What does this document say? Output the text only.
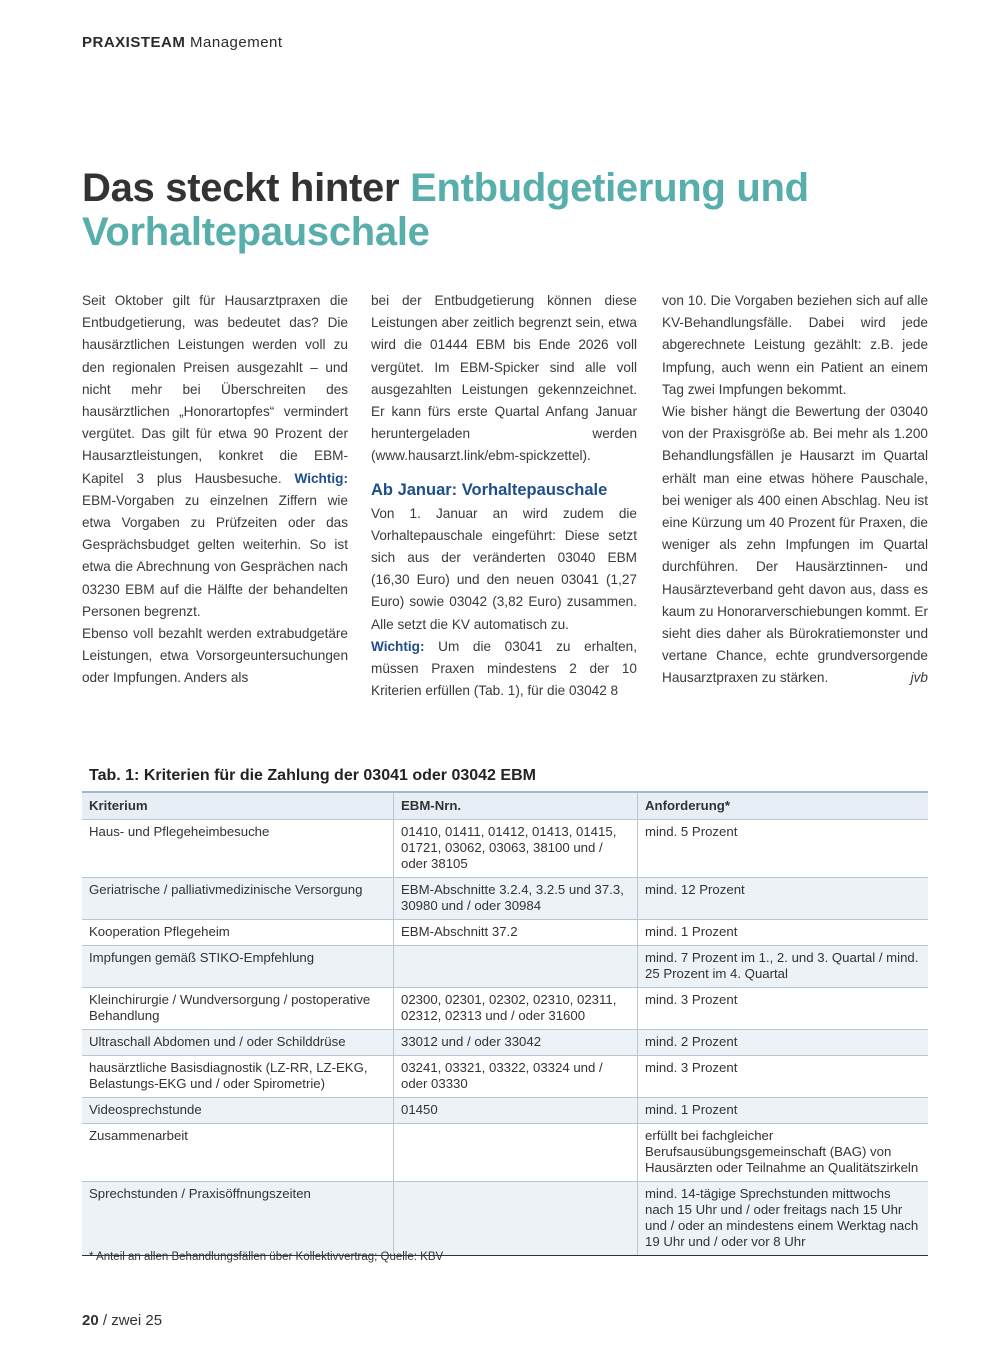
PRAXISTEAM Management
Das steckt hinter Entbudgetierung und Vorhaltepauschale

Seit Oktober gilt für Hausarztpraxen die Entbudgetierung, was bedeutet das? Die hausärztlichen Leistungen werden voll zu den regionalen Preisen ausgezahlt – und nicht mehr bei Überschreiten des hausärztlichen „Honorartopfes“ vermindert vergütet. Das gilt für etwa 90 Prozent der Hausarztleistungen, konkret die EBM-Kapitel 3 plus Hausbesuche. Wichtig: EBM-Vorgaben zu einzelnen Ziffern wie etwa Vorgaben zu Prüfzeiten oder das Gesprächsbudget gelten weiterhin. So ist etwa die Abrechnung von Gesprächen nach 03230 EBM auf die Hälfte der behandelten Personen begrenzt.

Ebenso voll bezahlt werden extrabudgetäre Leistungen, etwa Vorsorgeuntersuchungen oder Impfungen. Anders als

bei der Entbudgetierung können diese Leistungen aber zeitlich begrenzt sein, etwa wird die 01444 EBM bis Ende 2026 voll vergütet. Im EBM-Spicker sind alle voll ausgezahlten Leistungen gekennzeichnet. Er kann fürs erste Quartal Anfang Januar heruntergeladen werden (www.hausarzt.link/ebm-spickzettel).

Ab Januar: Vorhaltepauschale

Von 1. Januar an wird zudem die Vorhaltepauschale eingeführt: Diese setzt sich aus der veränderten 03040 EBM (16,30 Euro) und den neuen 03041 (1,27 Euro) sowie 03042 (3,82 Euro) zusammen. Alle setzt die KV automatisch zu.

Wichtig: Um die 03041 zu erhalten, müssen Praxen mindestens 2 der 10 Kriterien erfüllen (Tab. 1), für die 03042 8

von 10. Die Vorgaben beziehen sich auf alle KV-Behandlungsfälle. Dabei wird jede abgerechnete Leistung gezählt: z.B. jede Impfung, auch wenn ein Patient an einem Tag zwei Impfungen bekommt.

Wie bisher hängt die Bewertung der 03040 von der Praxisgröße ab. Bei mehr als 1.200 Behandlungsfällen je Hausarzt im Quartal erhält man eine etwas höhere Pauschale, bei weniger als 400 einen Abschlag. Neu ist eine Kürzung um 40 Prozent für Praxen, die weniger als zehn Impfungen im Quartal durchführen. Der Hausärztinnen- und Hausärzteverband geht davon aus, dass es kaum zu Honorarverschiebungen kommt. Er sieht dies daher als Bürokratiemonster und vertane Chance, echte grundversorgende Hausarztpraxen zu stärken.	jvb

Tab. 1: Kriterien für die Zahlung der 03041 oder 03042 EBM
Kriterium	EBM-Nrn.	Anforderung*
Haus- und Pflegeheimbesuche	01410, 01411, 01412, 01413, 01415, 01721, 03062, 03063, 38100 und / oder 38105	mind. 5 Prozent
Geriatrische / palliativmedizinische Versorgung	EBM-Abschnitte 3.2.4, 3.2.5 und 37.3, 30980 und / oder 30984	mind. 12 Prozent
Kooperation Pflegeheim	EBM-Abschnitt 37.2	mind. 1 Prozent
Impfungen gemäß STIKO-Empfehlung		mind. 7 Prozent im 1., 2. und 3. Quartal / mind. 25 Prozent im 4. Quartal
Kleinchirurgie / Wundversorgung / postoperative Behandlung	02300, 02301, 02302, 02310, 02311, 02312, 02313 und / oder 31600	mind. 3 Prozent
Ultraschall Abdomen und / oder Schilddrüse	33012 und / oder 33042	mind. 2 Prozent
hausärztliche Basisdiagnostik (LZ-RR, LZ-EKG, Belastungs-EKG und / oder Spirometrie)	03241, 03321, 03322, 03324 und / oder 03330	mind. 3 Prozent
Videosprechstunde	01450	mind. 1 Prozent
Zusammenarbeit		erfüllt bei fachgleicher Berufsausübungsgemeinschaft (BAG) von Hausärzten oder Teilnahme an Qualitätszirkeln
Sprechstunden / Praxisöffnungszeiten		mind. 14-tägige Sprechstunden mittwochs nach 15 Uhr und / oder freitags nach 15 Uhr und / oder an mindestens einem Werktag nach 19 Uhr und / oder vor 8 Uhr
* Anteil an allen Behandlungsfällen über Kollektivvertrag; Quelle: KBV
20 / zwei 25
